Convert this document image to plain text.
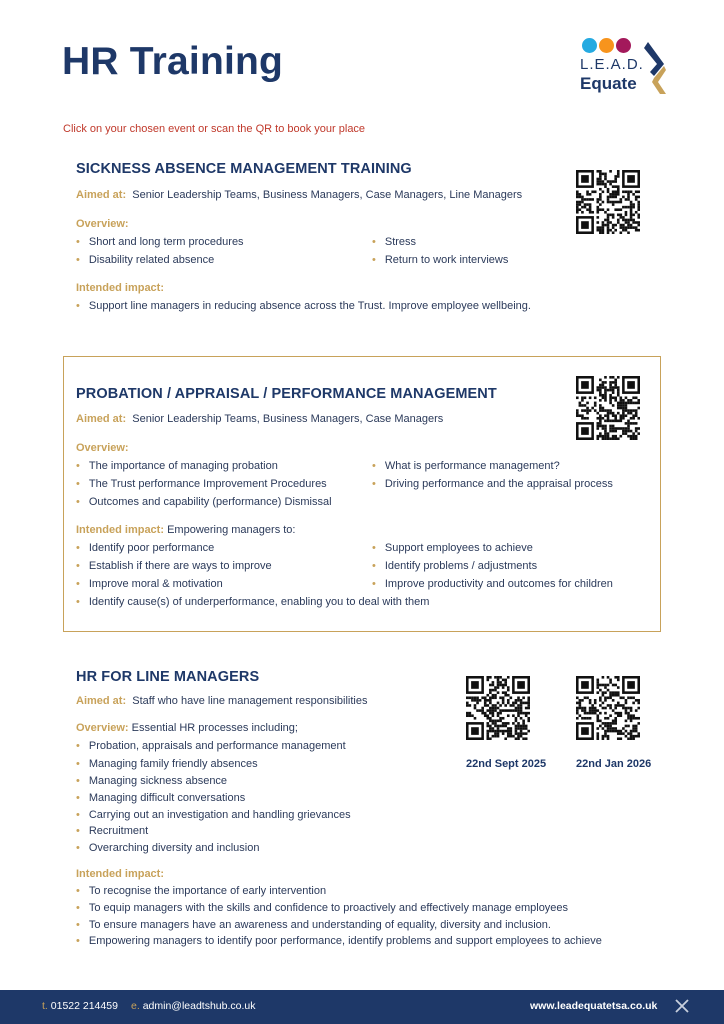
HR Training	L.E.A.D.
Equate
Click on your chosen event or scan the QR to book your place
SICKNESS ABSENCE MANAGEMENT TRAINING
Aimed at: Senior Leadership Teams, Business Managers, Case Managers, Line Managers
Overview:
• Short and long term procedures
• Disability related absence
• Stress
• Return to work interviews
Intended impact:
• Support line managers in reducing absence across the Trust. Improve employee wellbeing.
PROBATION / APPRAISAL / PERFORMANCE MANAGEMENT
Aimed at: Senior Leadership Teams, Business Managers, Case Managers
Overview:
• The importance of managing probation
• The Trust performance Improvement Procedures
• Outcomes and capability (performance) Dismissal
• What is performance management?
• Driving performance and the appraisal process
Intended impact: Empowering managers to:
• Identify poor performance
• Establish if there are ways to improve
• Improve moral & motivation
• Support employees to achieve
• Identify problems / adjustments
• Improve productivity and outcomes for children
• Identify cause(s) of underperformance, enabling you to deal with them
HR FOR LINE MANAGERS
Aimed at: Staff who have line management responsibilities
Overview: Essential HR processes including;
• Probation, appraisals and performance management
• Managing family friendly absences
• Managing sickness absence
• Managing difficult conversations
• Carrying out an investigation and handling grievances
• Recruitment
• Overarching diversity and inclusion
22nd Sept 2025	22nd Jan 2026
Intended impact:
• To recognise the importance of early intervention
• To equip managers with the skills and confidence to proactively and effectively manage employees
• To ensure managers have an awareness and understanding of equality, diversity and inclusion.
• Empowering managers to identify poor performance, identify problems and support employees to achieve
t. 01522 214459 e. admin@leadtshub.co.uk	www.leadequatetsa.co.uk
